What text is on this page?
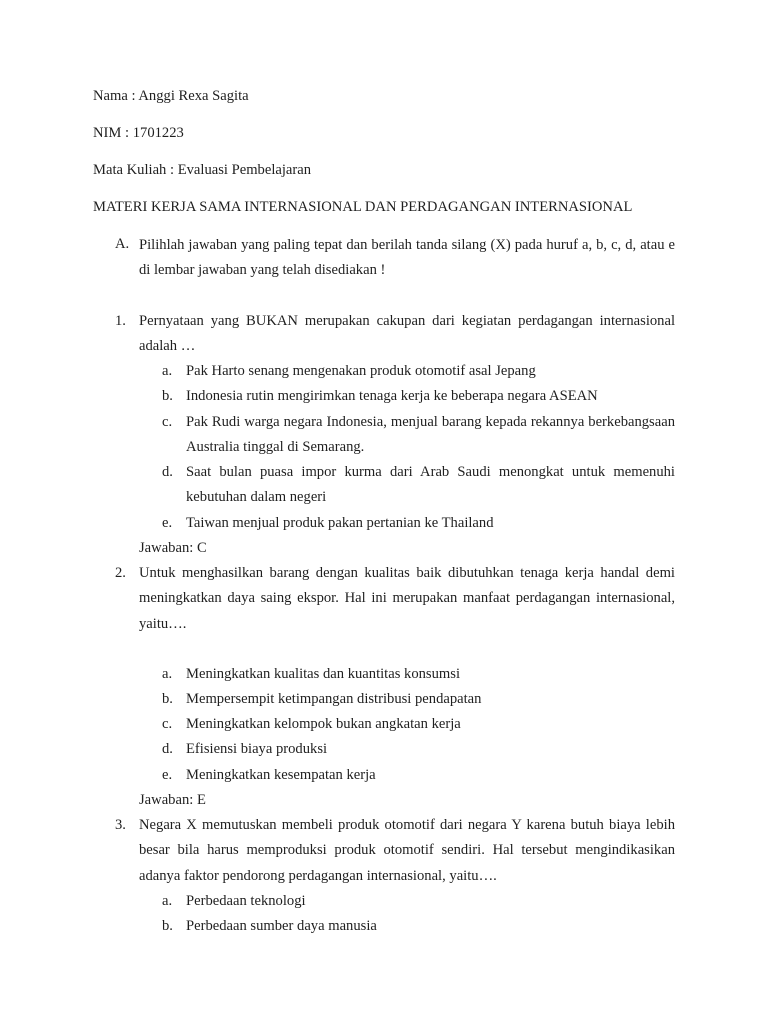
Nama : Anggi Rexa Sagita
NIM : 1701223
Mata Kuliah : Evaluasi Pembelajaran
MATERI KERJA SAMA INTERNASIONAL DAN PERDAGANGAN INTERNASIONAL
A. Pilihlah jawaban yang paling tepat dan berilah tanda silang (X) pada huruf a, b, c, d, atau e di lembar jawaban yang telah disediakan !
1. Pernyataan yang BUKAN merupakan cakupan dari kegiatan perdagangan internasional adalah …
a. Pak Harto senang mengenakan produk otomotif asal Jepang
b. Indonesia rutin mengirimkan tenaga kerja ke beberapa negara ASEAN
c. Pak Rudi warga negara Indonesia, menjual barang kepada rekannya berkebangsaan Australia tinggal di Semarang.
d. Saat bulan puasa impor kurma dari Arab Saudi menongkat untuk memenuhi kebutuhan dalam negeri
e. Taiwan menjual produk pakan pertanian ke Thailand
Jawaban: C
2. Untuk menghasilkan barang dengan kualitas baik dibutuhkan tenaga kerja handal demi meningkatkan daya saing ekspor. Hal ini merupakan manfaat perdagangan internasional, yaitu….
a. Meningkatkan kualitas dan kuantitas konsumsi
b. Mempersempit ketimpangan distribusi pendapatan
c. Meningkatkan kelompok bukan angkatan kerja
d. Efisiensi biaya produksi
e. Meningkatkan kesempatan kerja
Jawaban: E
3. Negara X memutuskan membeli produk otomotif dari negara Y karena butuh biaya lebih besar bila harus memproduksi produk otomotif sendiri. Hal tersebut mengindikasikan adanya faktor pendorong perdagangan internasional, yaitu….
a. Perbedaan teknologi
b. Perbedaan sumber daya manusia
